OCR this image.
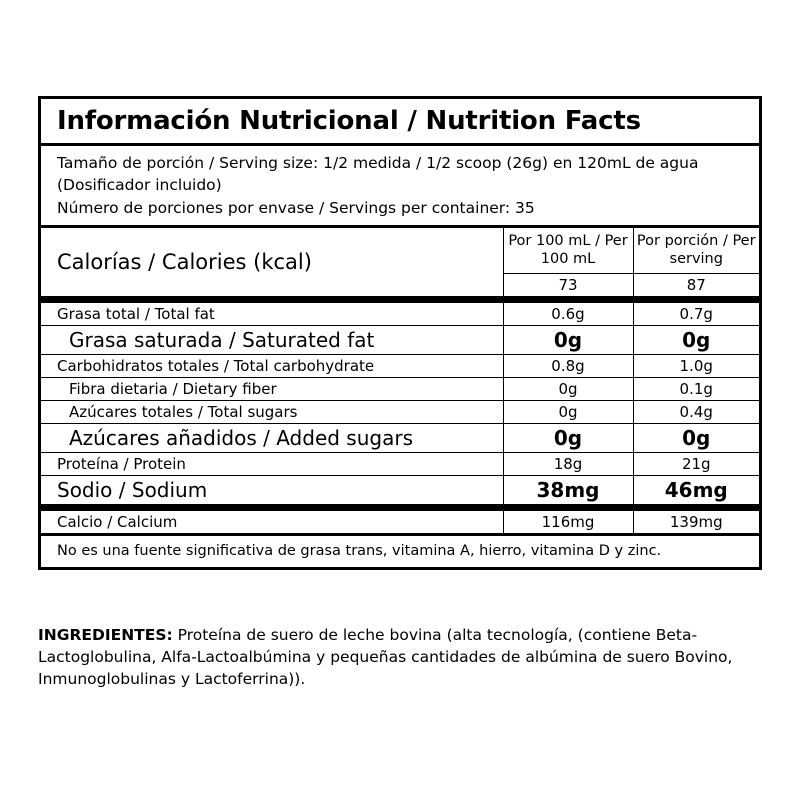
Información Nutricional / Nutrition Facts
Tamaño de porción / Serving size: 1/2 medida / 1/2 scoop (26g) en 120mL de agua (Dosificador incluido)
Número de porciones por envase / Servings per container: 35
Calorías / Calories (kcal)	Por 100 mL / Per 100 mL	Por porción / Per serving
	73	87
Grasa total / Total fat	0.6g	0.7g
Grasa saturada / Saturated fat	0g	0g
Carbohidratos totales / Total carbohydrate	0.8g	1.0g
Fibra dietaria / Dietary fiber	0g	0.1g
Azúcares totales / Total sugars	0g	0.4g
Azúcares añadidos / Added sugars	0g	0g
Proteína / Protein	18g	21g
Sodio / Sodium	38mg	46mg
Calcio / Calcium	116mg	139mg
No es una fuente significativa de grasa trans, vitamina A, hierro, vitamina D y zinc.
INGREDIENTES: Proteína de suero de leche bovina (alta tecnología, (contiene Beta-Lactoglobulina, Alfa-Lactoalbúmina y pequeñas cantidades de albúmina de suero Bovino, Inmunoglobulinas y Lactoferrina)).
